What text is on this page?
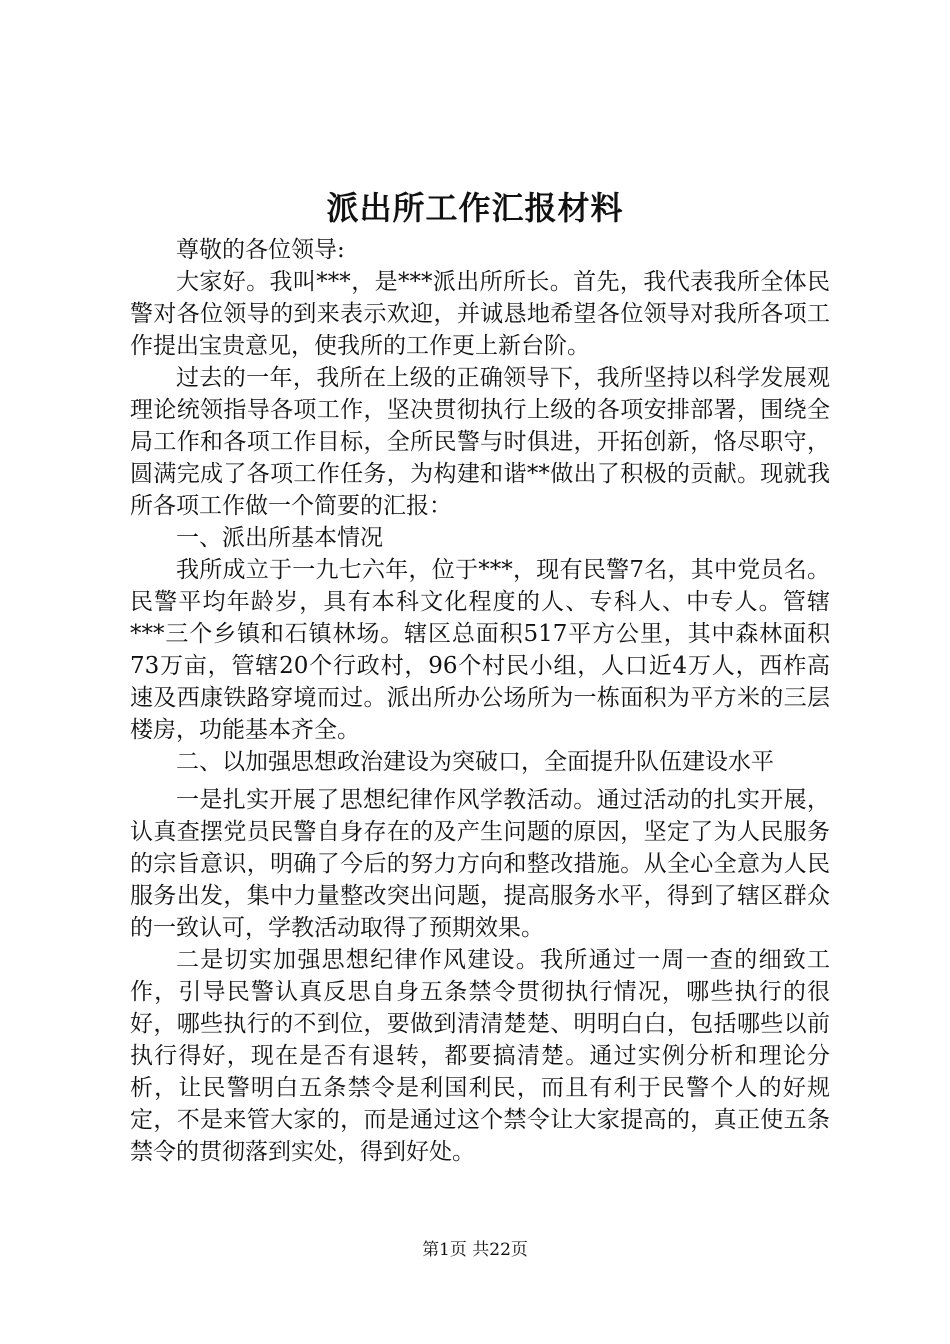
派出所工作汇报材料

尊敬的各位领导:

大家好。我叫***，是***派出所所长。首先，我代表我所全体民警对各位领导的到来表示欢迎，并诚恳地希望各位领导对我所各项工作提出宝贵意见，使我所的工作更上新台阶。

过去的一年，我所在上级的正确领导下，我所坚持以科学发展观理论统领指导各项工作，坚决贯彻执行上级的各项安排部署，围绕全局工作和各项工作目标，全所民警与时俱进，开拓创新，恪尽职守，圆满完成了各项工作任务，为构建和谐**做出了积极的贡献。现就我所各项工作做一个简要的汇报：

一、派出所基本情况

我所成立于一九七六年，位于***，现有民警7名，其中党员名。民警平均年龄岁，具有本科文化程度的人、专科人、中专人。管辖***三个乡镇和石镇林场。辖区总面积517平方公里，其中森林面积73万亩，管辖20个行政村，96个村民小组，人口近4万人，西柞高速及西康铁路穿境而过。派出所办公场所为一栋面积为平方米的三层楼房，功能基本齐全。

二、以加强思想政治建设为突破口，全面提升队伍建设水平

一是扎实开展了思想纪律作风学教活动。通过活动的扎实开展，认真查摆党员民警自身存在的及产生问题的原因，坚定了为人民服务的宗旨意识，明确了今后的努力方向和整改措施。从全心全意为人民服务出发，集中力量整改突出问题，提高服务水平，得到了辖区群众的一致认可，学教活动取得了预期效果。

二是切实加强思想纪律作风建设。我所通过一周一查的细致工作，引导民警认真反思自身五条禁令贯彻执行情况，哪些执行的很好，哪些执行的不到位，要做到清清楚楚、明明白白，包括哪些以前执行得好，现在是否有退转，都要搞清楚。通过实例分析和理论分析，让民警明白五条禁令是利国利民，而且有利于民警个人的好规定，不是来管大家的，而是通过这个禁令让大家提高的，真正使五条禁令的贯彻落到实处，得到好处。

第1页 共22页
